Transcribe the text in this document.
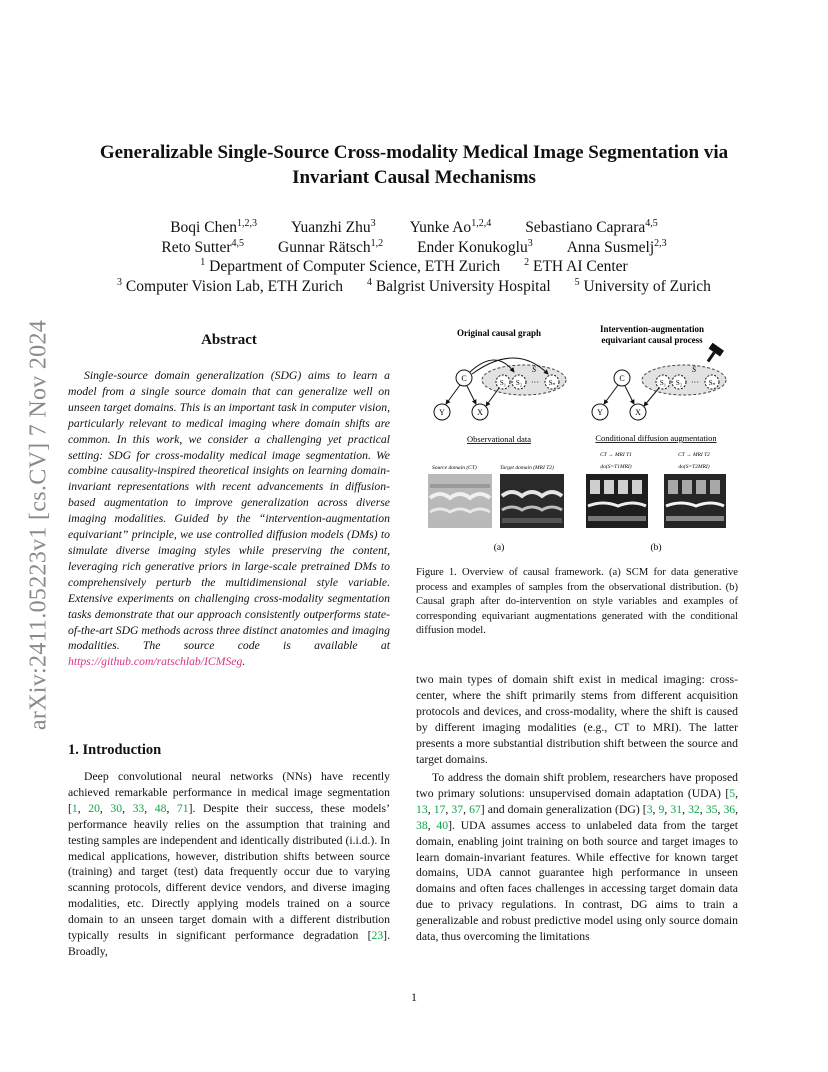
arXiv:2411.05223v1 [cs.CV] 7 Nov 2024
Generalizable Single-Source Cross-modality Medical Image Segmentation via
Invariant Causal Mechanisms
Boqi Chen$^{1,2,3}$ Yuanzhi Zhu$^3$ Yunke Ao$^{1,2,4}$ Sebastiano Caprara$^{4,5}$
Reto Sutter$^{4,5}$ Gunnar Rätsch$^{1,2}$ Ender Konukoglu$^3$ Anna Susmelj$^{2,3}$
$^1$ Department of Computer Science, ETH Zurich $^2$ ETH AI Center
$^3$ Computer Vision Lab, ETH Zurich $^4$ Balgrist University Hospital $^5$ University of Zurich
Abstract
Single-source domain generalization (SDG) aims to learn a model from a single source domain that can generalize well on unseen target domains. This is an important task in computer vision, particularly relevant to medical imaging where domain shifts are common. In this work, we consider a challenging yet practical setting: SDG for cross-modality medical image segmentation. We combine causality-inspired theoretical insights on learning domain-invariant representations with recent advancements in diffusion-based augmentation to improve generalization across diverse imaging modalities. Guided by the “intervention-augmentation equivariant” principle, we use controlled diffusion models (DMs) to simulate diverse imaging styles while preserving the content, leveraging rich generative priors in large-scale pretrained DMs to comprehensively perturb the multidimensional style variable. Extensive experiments on challenging cross-modality segmentation tasks demonstrate that our approach consistently outperforms state-of-the-art SDG methods across three distinct anatomies and imaging modalities. The source code is available at https://github.com/ratschlab/ICMSeg.
1. Introduction
Deep convolutional neural networks (NNs) have recently achieved remarkable performance in medical image segmentation [1, 20, 30, 33, 48, 71]. Despite their success, these models’ performance heavily relies on the assumption that training and testing samples are independent and identically distributed (i.i.d.). In medical applications, however, distribution shifts between source (training) and target (test) data frequently occur due to varying scanning protocols, different device vendors, and diverse imaging modalities, etc. Directly applying models trained on a source domain to an unseen target domain with a different distribution typically results in significant performance degradation [23]. Broadly,
Original causal graph	Intervention-augmentation
equivariant causal process
S
C	S₁ S₂ ··· Sₙ
Y	X
S
C	S₁ S₂ ··· Sₙ
Y	X
Observational data	Conditional diffusion augmentation
Source domain (CT)	Target domain (MRI T2)
CT → MRI T1
do(S=T1MRI)
CT → MRI T2
do(S=T2MRI)
(a)	(b)
Figure 1. Overview of causal framework. (a) SCM for data generative process and examples of samples from the observational distribution. (b) Causal graph after do-intervention on style variables and examples of corresponding equivariant augmentations generated with the conditional diffusion model.
two main types of domain shift exist in medical imaging: cross-center, where the shift primarily stems from different acquisition protocols and devices, and cross-modality, where the shift is caused by different imaging modalities (e.g., CT to MRI). The latter presents a more substantial distribution shift between the source and target domains.
To address the domain shift problem, researchers have proposed two primary solutions: unsupervised domain adaptation (UDA) [5, 13, 17, 37, 67] and domain generalization (DG) [3, 9, 31, 32, 35, 36, 38, 40]. UDA assumes access to unlabeled data from the target domain, enabling joint training on both source and target images to learn domain-invariant features. While effective for known target domains, UDA cannot guarantee high performance in unseen domains and often faces challenges in accessing target domain data due to privacy regulations. In contrast, DG aims to train a generalizable and robust predictive model using only source domain data, thus overcoming the limitations
1
